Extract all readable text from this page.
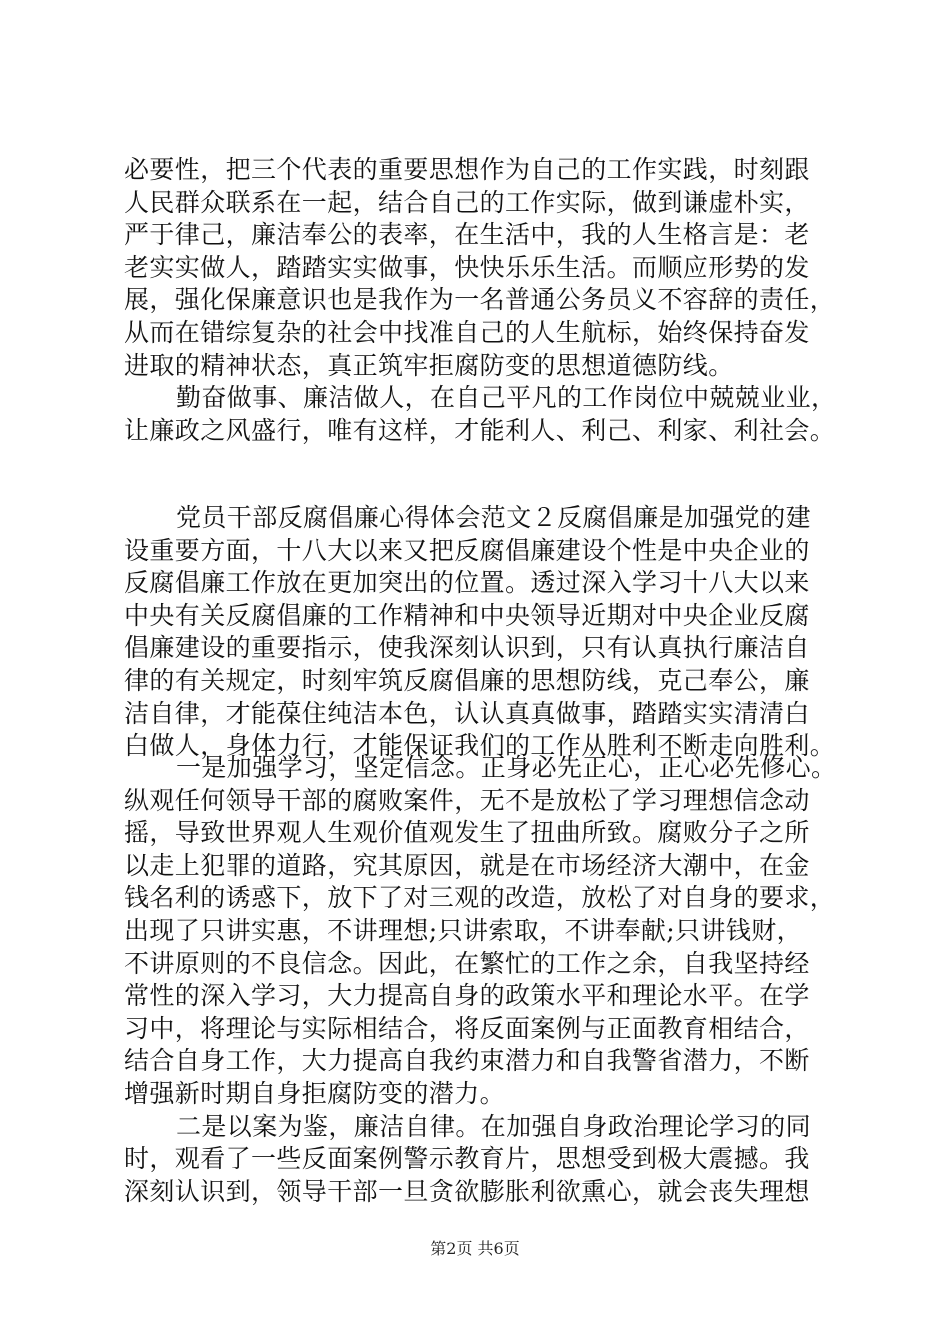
必要性，把三个代表的重要思想作为自己的工作实践，时刻跟
人民群众联系在一起，结合自己的工作实际，做到谦虚朴实，
严于律己，廉洁奉公的表率，在生活中，我的人生格言是：老
老实实做人，踏踏实实做事，快快乐乐生活。而顺应形势的发
展，强化保廉意识也是我作为一名普通公务员义不容辞的责任，
从而在错综复杂的社会中找准自己的人生航标，始终保持奋发
进取的精神状态，真正筑牢拒腐防变的思想道德防线。
勤奋做事、廉洁做人，在自己平凡的工作岗位中兢兢业业，
让廉政之风盛行，唯有这样，才能利人、利己、利家、利社会。
党员干部反腐倡廉心得体会范文２反腐倡廉是加强党的建
设重要方面，十八大以来又把反腐倡廉建设个性是中央企业的
反腐倡廉工作放在更加突出的位置。透过深入学习十八大以来
中央有关反腐倡廉的工作精神和中央领导近期对中央企业反腐
倡廉建设的重要指示，使我深刻认识到，只有认真执行廉洁自
律的有关规定，时刻牢筑反腐倡廉的思想防线，克己奉公，廉
洁自律，才能葆住纯洁本色，认认真真做事，踏踏实实清清白
白做人，身体力行，才能保证我们的工作从胜利不断走向胜利。
一是加强学习，坚定信念。正身必先正心，正心必先修心。
纵观任何领导干部的腐败案件，无不是放松了学习理想信念动
摇，导致世界观人生观价值观发生了扭曲所致。腐败分子之所
以走上犯罪的道路，究其原因，就是在市场经济大潮中，在金
钱名利的诱惑下，放下了对三观的改造，放松了对自身的要求，
出现了只讲实惠，不讲理想;只讲索取，不讲奉献;只讲钱财，
不讲原则的不良信念。因此，在繁忙的工作之余，自我坚持经
常性的深入学习，大力提高自身的政策水平和理论水平。在学
习中，将理论与实际相结合，将反面案例与正面教育相结合，
结合自身工作，大力提高自我约束潜力和自我警省潜力，不断
增强新时期自身拒腐防变的潜力。
二是以案为鉴，廉洁自律。在加强自身政治理论学习的同
时，观看了一些反面案例警示教育片，思想受到极大震撼。我
深刻认识到，领导干部一旦贪欲膨胀利欲熏心，就会丧失理想
第2页 共6页
